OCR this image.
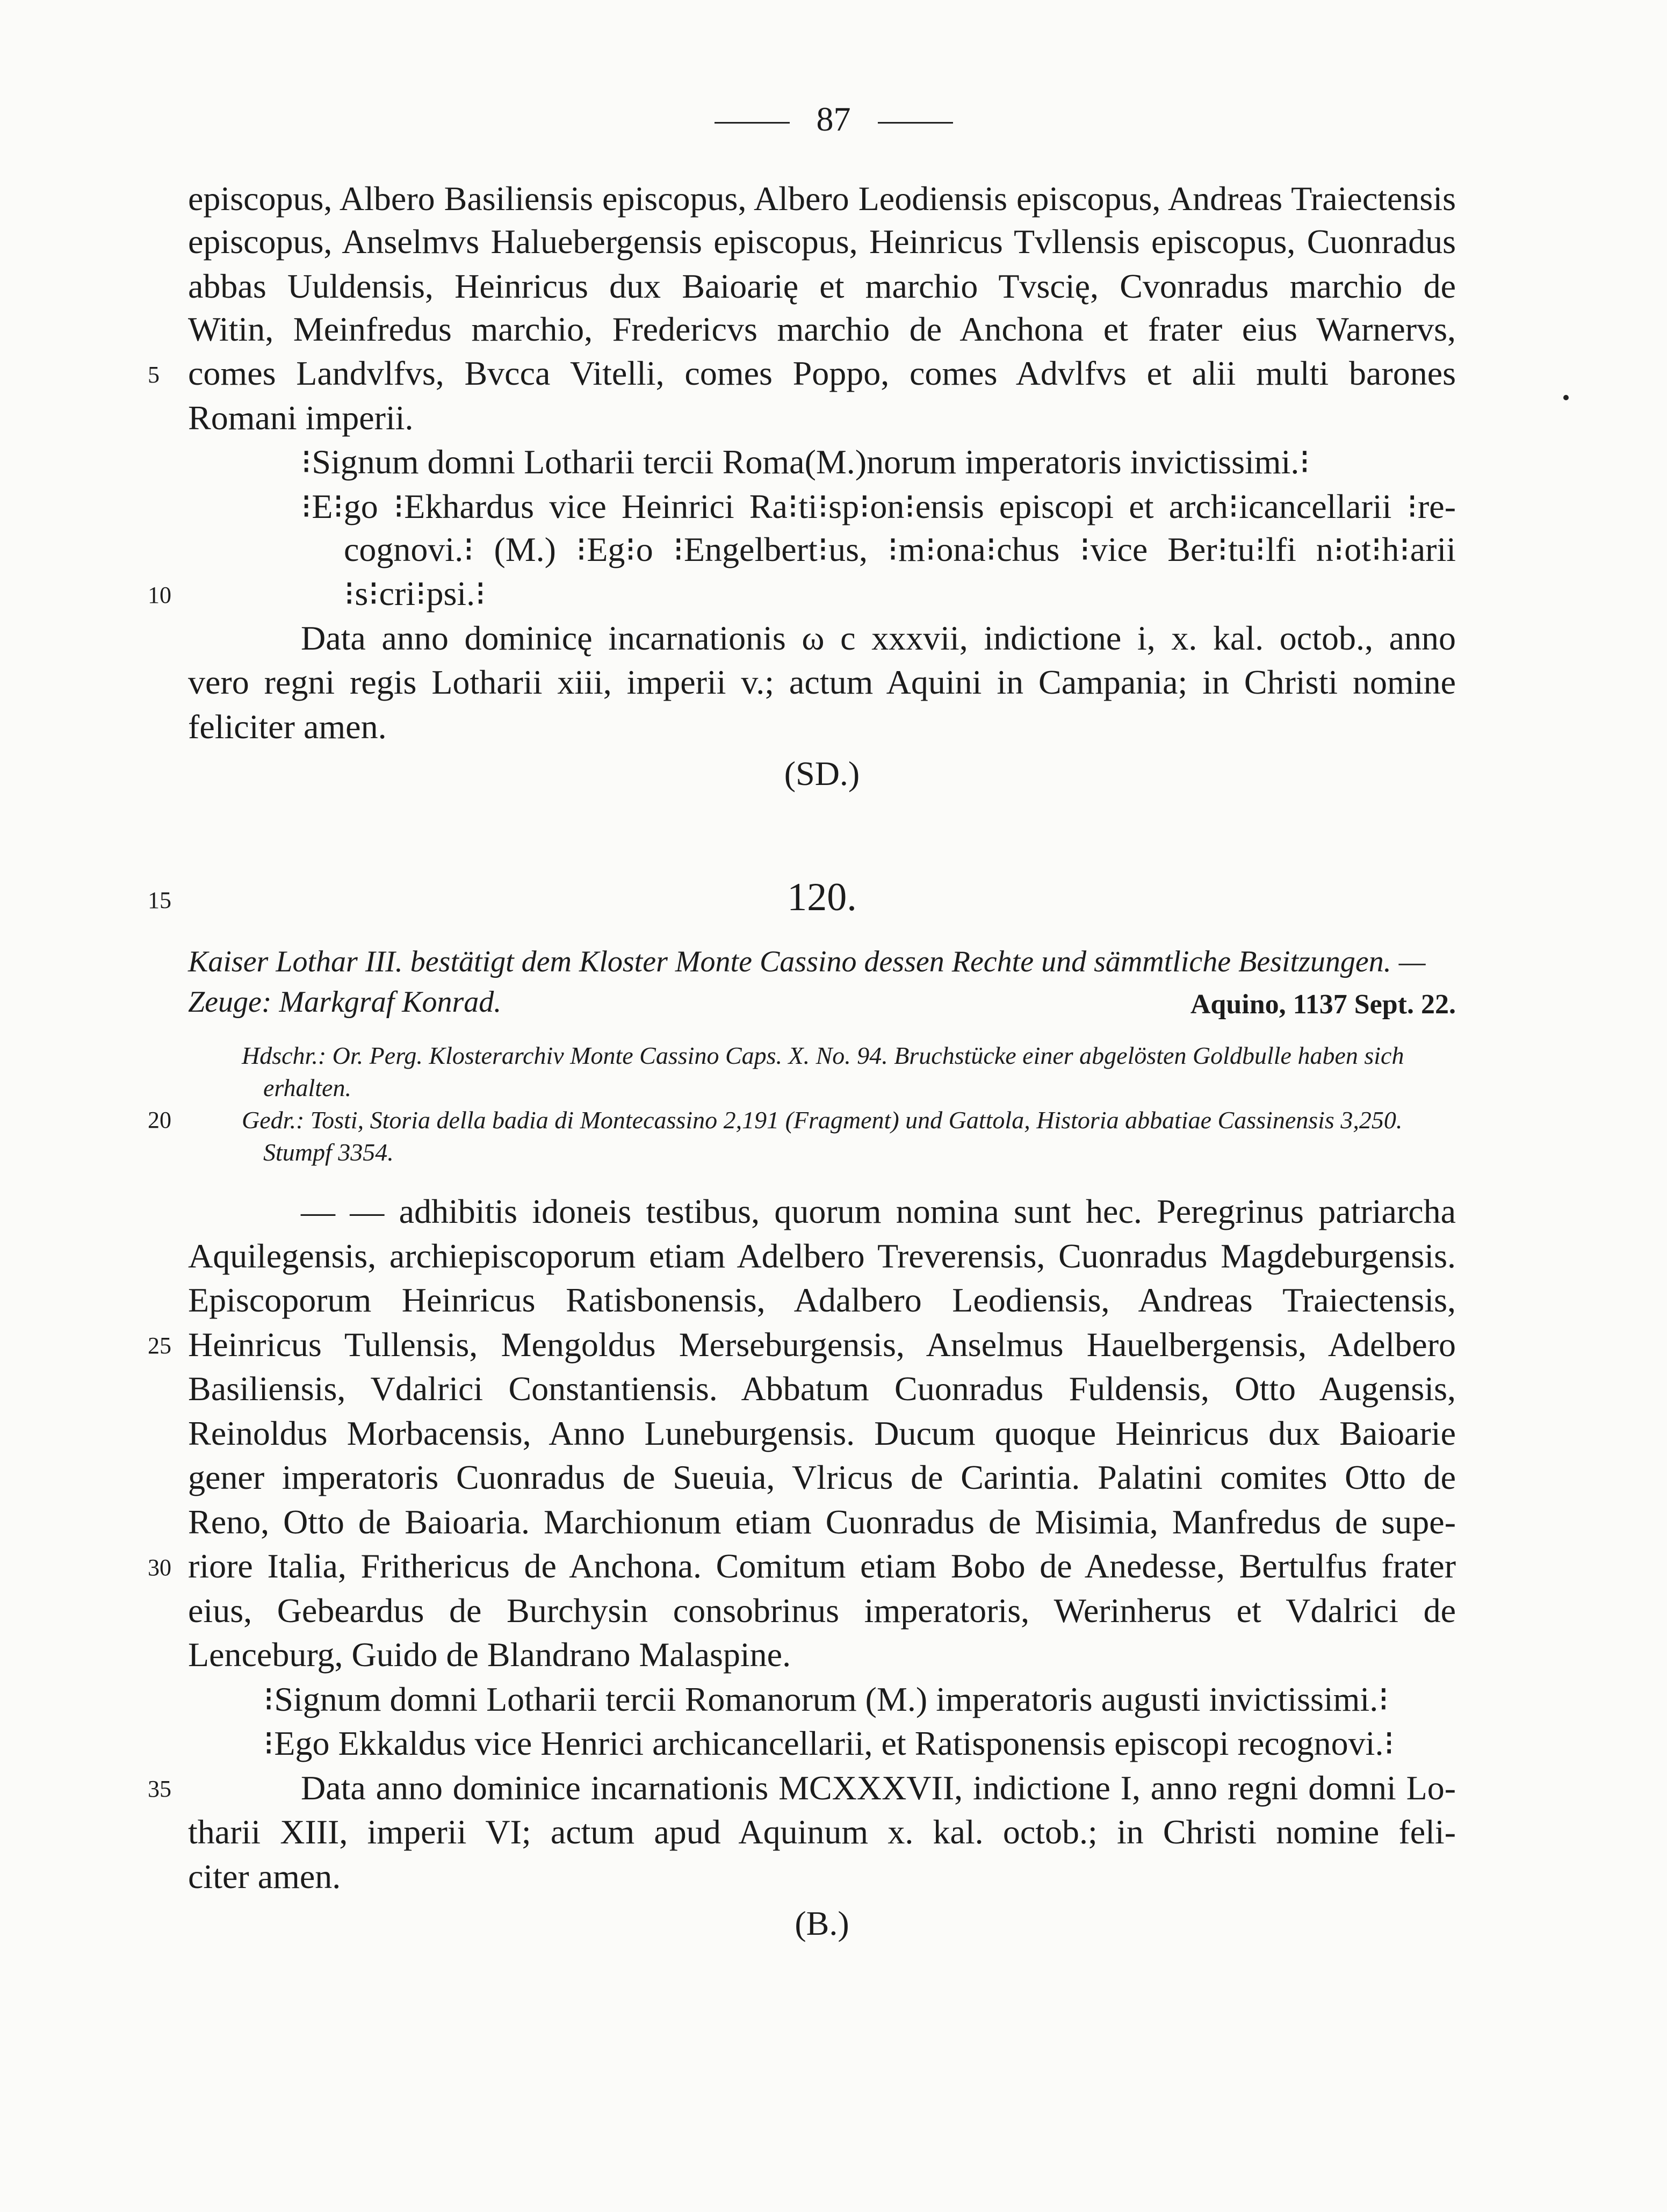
87
episcopus, Albero Basiliensis episcopus, Albero Leodiensis episcopus, Andreas Traiectensis
episcopus, Anselmvs Haluebergensis episcopus, Heinricus Tvllensis episcopus, Cuonradus
abbas Uuldensis, Heinricus dux Baioarię et marchio Tvscię, Cvonradus marchio de
Witin, Meinfredus marchio, Fredericvs marchio de Anchona et frater eius Warnervs,
5 comes Landvlfvs, Bvcca Vitelli, comes Poppo, comes Advlfvs et alii multi barones
Romani imperii.
⁝Signum domni Lotharii tercii Roma(M.)norum imperatoris invictissimi.⁝
⁝E⁝go ⁝Ekhardus vice Heinrici Ra⁝ti⁝sp⁝on⁝ensis episcopi et arch⁝icancellarii ⁝re-
cognovi.⁝ (M.) ⁝Eg⁝o ⁝Engelbert⁝us, ⁝m⁝ona⁝chus ⁝vice Ber⁝tu⁝lfi n⁝ot⁝h⁝arii
10	⁝s⁝cri⁝psi.⁝
Data anno dominicę incarnationis ω c xxxvii, indictione i, x. kal. octob., anno
vero regni regis Lotharii xiii, imperii v.; actum Aquini in Campania; in Christi nomine
feliciter amen.
(SD.)
15	120.
Kaiser Lothar III. bestätigt dem Kloster Monte Cassino dessen Rechte und sämmtliche Besitzungen. —
Zeuge: Markgraf Konrad.	Aquino, 1137 Sept. 22.
Hdschr.: Or. Perg. Klosterarchiv Monte Cassino Caps. X. No. 94. Bruchstücke einer abgelösten Goldbulle haben sich
erhalten.
20	Gedr.: Tosti, Storia della badia di Montecassino 2,191 (Fragment) und Gattola, Historia abbatiae Cassinensis 3,250.
Stumpf 3354.
— — adhibitis idoneis testibus, quorum nomina sunt hec. Peregrinus patriarcha
Aquilegensis, archiepiscoporum etiam Adelbero Treverensis, Cuonradus Magdeburgensis.
Episcoporum Heinricus Ratisbonensis, Adalbero Leodiensis, Andreas Traiectensis,
25 Heinricus Tullensis, Mengoldus Merseburgensis, Anselmus Hauelbergensis, Adelbero
Basiliensis, Vdalrici Constantiensis. Abbatum Cuonradus Fuldensis, Otto Augensis,
Reinoldus Morbacensis, Anno Luneburgensis. Ducum quoque Heinricus dux Baioarie
gener imperatoris Cuonradus de Sueuia, Vlricus de Carintia. Palatini comites Otto de
Reno, Otto de Baioaria. Marchionum etiam Cuonradus de Misimia, Manfredus de supe-
30 riore Italia, Frithericus de Anchona. Comitum etiam Bobo de Anedesse, Bertulfus frater
eius, Gebeardus de Burchysin consobrinus imperatoris, Werinherus et Vdalrici de
Lenceburg, Guido de Blandrano Malaspine.
⁝Signum domni Lotharii tercii Romanorum (M.) imperatoris augusti invictissimi.⁝
⁝Ego Ekkaldus vice Henrici archicancellarii, et Ratisponensis episcopi recognovi.⁝
35	Data anno dominice incarnationis MCXXXVII, indictione I, anno regni domni Lo-
tharii XIII, imperii VI; actum apud Aquinum x. kal. octob.; in Christi nomine feli-
citer amen.
(B.)
